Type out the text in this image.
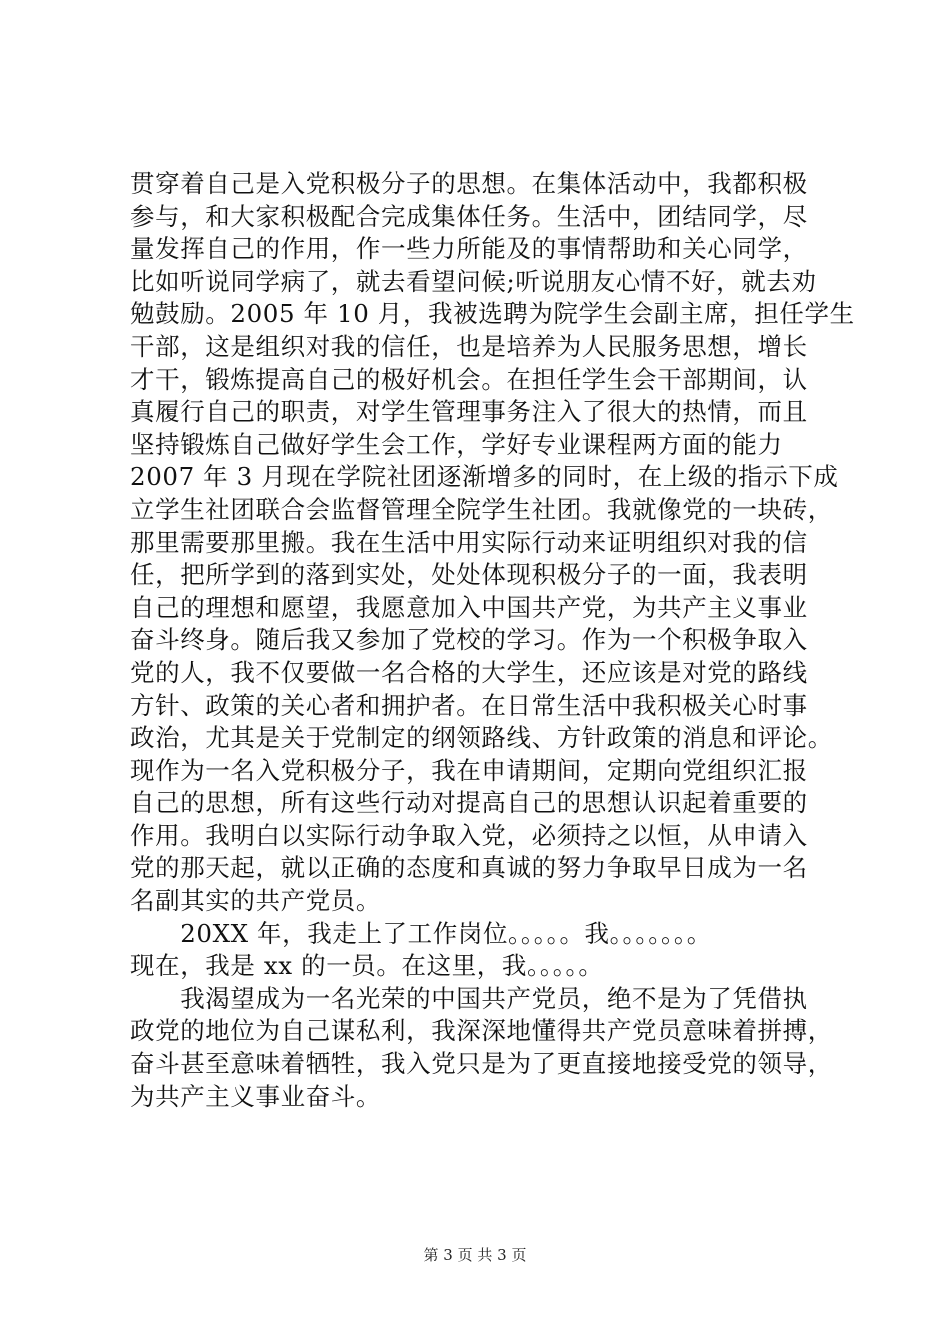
贯穿着自己是入党积极分子的思想。在集体活动中，我都积极
参与，和大家积极配合完成集体任务。生活中，团结同学，尽
量发挥自己的作用，作一些力所能及的事情帮助和关心同学，
比如听说同学病了，就去看望问候;听说朋友心情不好，就去劝
勉鼓励。2005 年 10 月，我被选聘为院学生会副主席，担任学生
干部，这是组织对我的信任，也是培养为人民服务思想，增长
才干，锻炼提高自己的极好机会。在担任学生会干部期间，认
真履行自己的职责，对学生管理事务注入了很大的热情，而且
坚持锻炼自己做好学生会工作，学好专业课程两方面的能力
2007 年 3 月现在学院社团逐渐增多的同时，在上级的指示下成
立学生社团联合会监督管理全院学生社团。我就像党的一块砖，
那里需要那里搬。我在生活中用实际行动来证明组织对我的信
任，把所学到的落到实处，处处体现积极分子的一面，我表明
自己的理想和愿望，我愿意加入中国共产党，为共产主义事业
奋斗终身。随后我又参加了党校的学习。作为一个积极争取入
党的人，我不仅要做一名合格的大学生，还应该是对党的路线
方针、政策的关心者和拥护者。在日常生活中我积极关心时事
政治，尤其是关于党制定的纲领路线、方针政策的消息和评论。
现作为一名入党积极分子，我在申请期间，定期向党组织汇报
自己的思想，所有这些行动对提高自己的思想认识起着重要的
作用。我明白以实际行动争取入党，必须持之以恒，从申请入
党的那天起，就以正确的态度和真诚的努力争取早日成为一名
名副其实的共产党员。
　　20XX 年，我走上了工作岗位。。。。。我。。。。。。。
现在，我是 xx 的一员。在这里，我。。。。。
　　我渴望成为一名光荣的中国共产党员，绝不是为了凭借执
政党的地位为自己谋私利，我深深地懂得共产党员意味着拼搏，
奋斗甚至意味着牺牲，我入党只是为了更直接地接受党的领导，
为共产主义事业奋斗。
第 3 页 共 3 页
